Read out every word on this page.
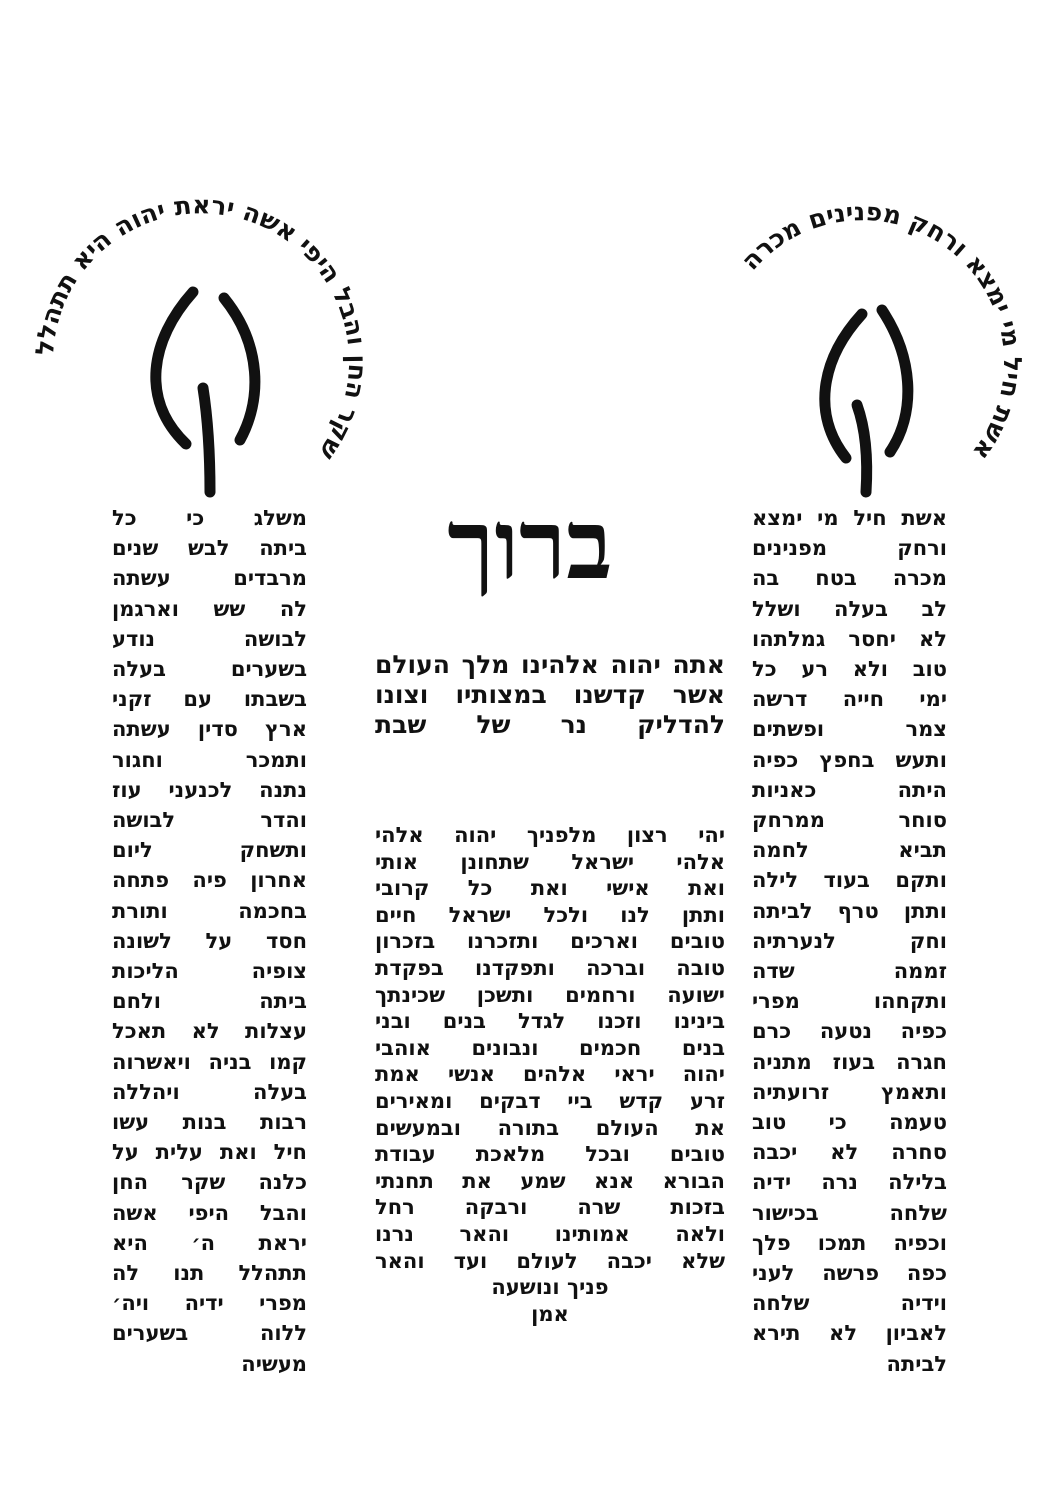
שקר החן והבל היפי אשה יראת יהוה היא תתהלל
אשת חיל מי ימצא ורחק מפנינים מכרה
ברוך
אתה יהוה אלהינו מלך העולם
אשר קדשנו במצותיו וצונו
להדליק נר של שבת
יהי רצון מלפניך יהוה אלהי
אלהי ישראל שתחונן אותי
ואת אישי ואת כל קרובי
ותתן לנו ולכל ישראל חיים
טובים וארכים ותזכרנו בזכרון
טובה וברכה ותפקדנו בפקדת
ישועה ורחמים ותשכן שכינתך
בינינו וזכנו לגדל בנים ובני
בנים חכמים ונבונים אוהבי
יהוה יראי אלהים אנשי אמת
זרע קדש ביי דבקים ומאירים
את העולם בתורה ובמעשים
טובים ובכל מלאכת עבודת
הבורא אנא שמע את תחנתי
בזכות שרה ורבקה רחל
ולאה אמותינו והאר נרנו
שלא יכבה לעולם ועד והאר
פניך ונושעה
אמן
משלג כי כל
ביתה לבש שנים
מרבדים עשתה
לה שש וארגמן
לבושה נודע
בשערים בעלה
בשבתו עם זקני
ארץ סדין עשתה
ותמכר וחגור
נתנה לכנעני עוז
והדר לבושה
ותשחק ליום
אחרון פיה פתחה
בחכמה ותורת
חסד על לשונה
צופיה הליכות
ביתה ולחם
עצלות לא תאכל
קמו בניה ויאשרוה
בעלה ויהללה
רבות בנות עשו
חיל ואת עלית על
כלנה שקר החן
והבל היפי אשה
יראת ה׳ היא
תתהלל תנו לה
מפרי ידיה ויה׳
ללוה בשערים
מעשיה
אשת חיל מי ימצא
ורחק מפנינים
מכרה בטח בה
לב בעלה ושלל
לא יחסר גמלתהו
טוב ולא רע כל
ימי חייה דרשה
צמר ופשתים
ותעש בחפץ כפיה
היתה כאניות
סוחר ממרחק
תביא לחמה
ותקם בעוד לילה
ותתן טרף לביתה
וחק לנערתיה
זממה שדה
ותקחהו מפרי
כפיה נטעה כרם
חגרה בעוז מתניה
ותאמץ זרועתיה
טעמה כי טוב
סחרה לא יכבה
בלילה נרה ידיה
שלחה בכישור
וכפיה תמכו פלך
כפה פרשה לעני
וידיה שלחה
לאביון לא תירא
לביתה
